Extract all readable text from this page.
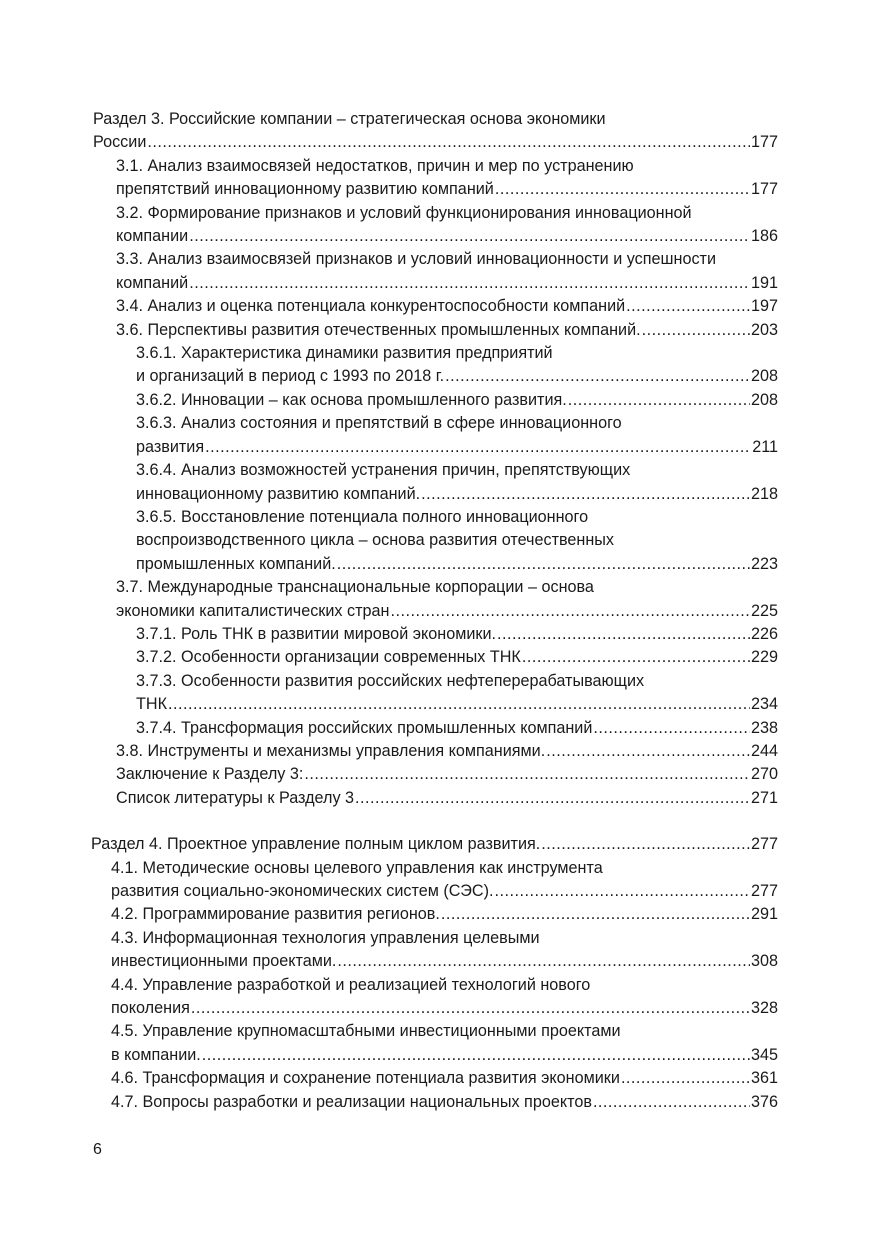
Раздел 3. Российские компании – стратегическая основа экономики
России .....	177
3.1. Анализ взаимосвязей недостатков, причин и мер по устранению
препятствий инновационному развитию компаний .....	177
3.2. Формирование признаков и условий функционирования инновационной
компании .....	186
3.3. Анализ взаимосвязей признаков и условий инновационности и успешности
компаний .....	191
3.4. Анализ и оценка потенциала конкурентоспособности компаний .....	197
3.6. Перспективы развития отечественных промышленных компаний. .....	203
3.6.1. Характеристика динамики развития предприятий
и организаций в период с 1993 по 2018 г. .....	208
3.6.2. Инновации – как основа промышленного развития. .....	208
3.6.3. Анализ состояния и препятствий в сфере инновационного
развития .....	211
3.6.4. Анализ возможностей устранения причин, препятствующих
инновационному развитию компаний. .....	218
3.6.5. Восстановление потенциала полного инновационного
воспроизводственного цикла – основа развития отечественных
промышленных компаний. .....	223
3.7. Международные транснациональные корпорации – основа
экономики капиталистических стран .....	225
3.7.1. Роль ТНК в развитии мировой экономики. .....	226
3.7.2. Особенности организации современных ТНК .....	229
3.7.3. Особенности развития российских нефтеперерабатывающих
ТНК .....	234
3.7.4. Трансформация российских промышленных компаний .....	238
3.8. Инструменты и механизмы управления компаниями. .....	244
Заключение к Разделу 3: .....	270
Список литературы к Разделу 3 .....	271
Раздел 4. Проектное управление полным циклом развития. .....	277
4.1. Методические основы целевого управления как инструмента
развития социально-экономических систем (СЭС). .....	277
4.2. Программирование развития регионов. .....	291
4.3. Информационная технология управления целевыми
инвестиционными проектами. .....	308
4.4. Управление разработкой и реализацией технологий нового
поколения .....	328
4.5. Управление крупномасштабными инвестиционными проектами
в компании. .....	345
4.6. Трансформация и сохранение потенциала развития экономики .....	361
4.7. Вопросы разработки и реализации национальных проектов .....	376
6
